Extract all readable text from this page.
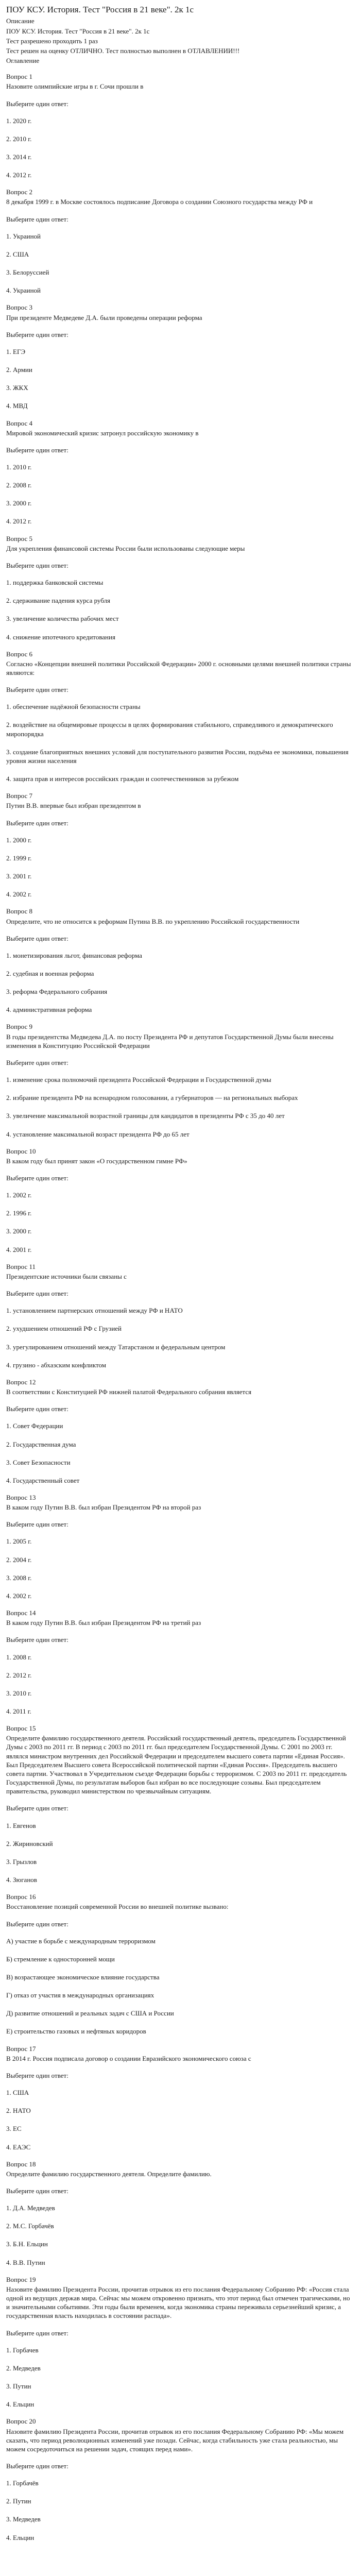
ПОУ КСУ. История. Тест "Россия в 21 веке". 2к 1с
Описание
ПОУ КСУ. История. Тест "Россия в 21 веке". 2к 1с
Тест разрешено проходить 1 раз
Тест решен на оценку ОТЛИЧНО. Тест полностью выполнен в ОТЛАВЛЕНИИ!!!
Оглавление
Вопрос 1
Назовите олимпийские игры в г. Сочи прошли в
Выберите один ответ:
1. 2020 г.
2. 2010 г.
3. 2014 г.
4. 2012 г.
Вопрос 2
8 декабря 1999 г. в Москве состоялось подписание Договора о создании Союзного государства между РФ и
Выберите один ответ:
1. Украиной
2. США
3. Белоруссией
4. Украиной
Вопрос 3
При президенте Медведеве Д.А. были проведены операции реформа
Выберите один ответ:
1. ЕГЭ
2. Армии
3. ЖКХ
4. МВД
Вопрос 4
Мировой экономический кризис затронул российскую экономику в
Выберите один ответ:
1. 2010 г.
2. 2008 г.
3. 2000 г.
4. 2012 г.
Вопрос 5
Для укрепления финансовой системы России были использованы следующие меры
Выберите один ответ:
1. поддержка банковской системы
2. сдерживание падения курса рубля
3. увеличение количества рабочих мест
4. снижение ипотечного кредитования
Вопрос 6
Согласно «Концепции внешней политики Российской Федерации» 2000 г. основными целями внешней политики страны являются:
Выберите один ответ:
1. обеспечение надёжной безопасности страны
2. воздействие на общемировые процессы в целях формирования стабильного, справедливого и демократического миропорядка
3. создание благоприятных внешних условий для поступательного развития России, подъёма ее экономики, повышения уровня жизни населения
4. защита прав и интересов российских граждан и соотечественников за рубежом
Вопрос 7
Путин В.В. впервые был избран президентом в
Выберите один ответ:
1. 2000 г.
2. 1999 г.
3. 2001 г.
4. 2002 г.
Вопрос 8
Определите, что не относится к реформам Путина В.В. по укреплению Российской государственности
Выберите один ответ:
1. монетизирования льгот, финансовая реформа
2. судебная и военная реформа
3. реформа Федерального собрания
4. административная реформа
Вопрос 9
В годы президентства Медведева Д.А. по посту Президента РФ и депутатов Государственной Думы были внесены изменения в Конституцию Российской Федерации
Выберите один ответ:
1. изменение срока полномочий президента Российской Федерации и Государственной думы
2. избрание президента РФ на всенародном голосовании, а губернаторов — на региональных выборах
3. увеличение максимальной возрастной границы для кандидатов в президенты РФ с 35 до 40 лет
4. установление максимальной возраст президента РФ до 65 лет
Вопрос 10
В каком году был принят закон «О государственном гимне РФ»
Выберите один ответ:
1. 2002 г.
2. 1996 г.
3. 2000 г.
4. 2001 г.
Вопрос 11
Президентские источники были связаны с
Выберите один ответ:
1. установлением партнерских отношений между РФ и НАТО
2. ухудшением отношений РФ с Грузией
3. урегулированием отношений между Татарстаном и федеральным центром
4. грузино - абхазским конфликтом
Вопрос 12
В соответствии с Конституцией РФ нижней палатой Федерального собрания является
Выберите один ответ:
1. Совет Федерации
2. Государственная дума
3. Совет Безопасности
4. Государственный совет
Вопрос 13
В каком году Путин В.В. был избран Президентом РФ на второй раз
Выберите один ответ:
1. 2005 г.
2. 2004 г.
3. 2008 г.
4. 2002 г.
Вопрос 14
В каком году Путин В.В. был избран Президентом РФ на третий раз
Выберите один ответ:
1. 2008 г.
2. 2012 г.
3. 2010 г.
4. 2011 г.
Вопрос 15
Определите фамилию государственного деятеля. Российский государственный деятель, председатель Государственной Думы с 2003 по 2011 гг. В период с 2003 по 2011 гг. был председателем Государственной Думы. С 2001 по 2003 гг. являлся министром внутренних дел Российской Федерации и председателем высшего совета партии «Единая Россия». Был Председателем Высшего совета Всероссийской политической партии «Единая Россия». Председатель высшего совета партии. Участвовал в Учредительном съезде Федерации борьбы с терроризмом. С 2003 по 2011 гг. председатель Государственной Думы, по результатам выборов был избран во все последующие созывы. Был председателем правительства, руководил министерством по чрезвычайным ситуациям.
Выберите один ответ:
1. Евгенов
2. Жириновский
3. Грызлов
4. Зюганов
Вопрос 16
Восстановление позиций современной России во внешней политике вызвано:
Выберите один ответ:
А) участие в борьбе с международным терроризмом
Б) стремление к односторонней мощи
В) возрастающее экономическое влияние государства
Г) отказ от участия в международных организациях
Д) развитие отношений и реальных задач с США и России
Е) строительство газовых и нефтяных коридоров
Вопрос 17
В 2014 г. Россия подписала договор о создании Евразийского экономического союза с
Выберите один ответ:
1. США
2. НАТО
3. ЕС
4. ЕАЭС
Вопрос 18
Определите фамилию государственного деятеля. Определите фамилию.
Выберите один ответ:
1. Д.А. Медведев
2. М.С. Горбачёв
3. Б.Н. Ельцин
4. В.В. Путин
Вопрос 19
Назовите фамилию Президента России, прочитав отрывок из его послания Федеральному Собранию РФ: «Россия стала одной из ведущих держав мира. Сейчас мы можем откровенно признать, что этот период был отмечен трагическими, но и значительными событиями. Эти годы были временем, когда экономика страны переживала серьезнейший кризис, а государственная власть находилась в состоянии распада».
Выберите один ответ:
1. Горбачев
2. Медведев
3. Путин
4. Ельцин
Вопрос 20
Назовите фамилию Президента России, прочитав отрывок из его послания Федеральному Собранию РФ: «Мы можем сказать, что период революционных изменений уже позади. Сейчас, когда стабильность уже стала реальностью, мы можем сосредоточиться на решении задач, стоящих перед нами».
Выберите один ответ:
1. Горбачёв
2. Путин
3. Медведев
4. Ельцин
